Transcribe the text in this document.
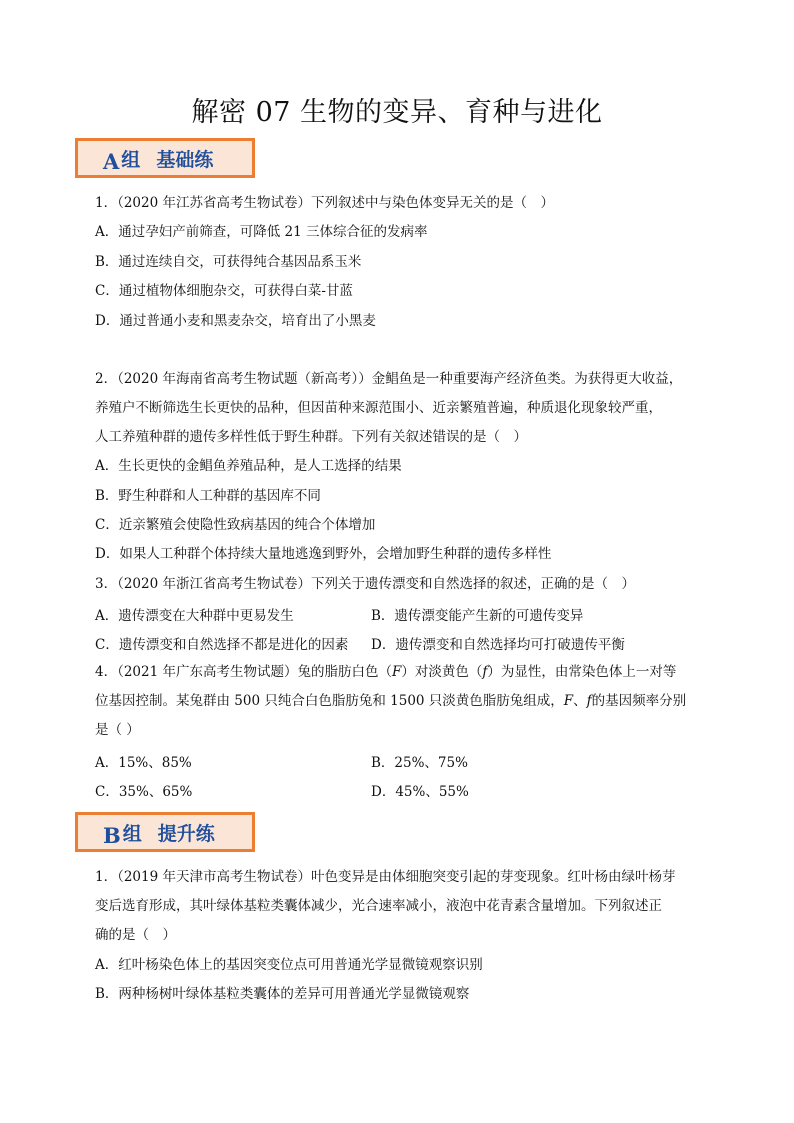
解密 07 生物的变异、育种与进化
A 组 基础练
1．（2020 年江苏省高考生物试卷）下列叙述中与染色体变异无关的是（　）
A．通过孕妇产前筛查，可降低 21 三体综合征的发病率
B．通过连续自交，可获得纯合基因品系玉米
C．通过植物体细胞杂交，可获得白菜-甘蓝
D．通过普通小麦和黑麦杂交，培育出了小黑麦
2．（2020 年海南省高考生物试题（新高考））金鲳鱼是一种重要海产经济鱼类。为获得更大收益，
养殖户不断筛选生长更快的品种，但因苗种来源范围小、近亲繁殖普遍，种质退化现象较严重，
人工养殖种群的遗传多样性低于野生种群。下列有关叙述错误的是（　）
A．生长更快的金鲳鱼养殖品种，是人工选择的结果
B．野生种群和人工种群的基因库不同
C．近亲繁殖会使隐性致病基因的纯合个体增加
D．如果人工种群个体持续大量地逃逸到野外，会增加野生种群的遗传多样性
3．（2020 年浙江省高考生物试卷）下列关于遗传漂变和自然选择的叙述，正确的是（　）
A．遗传漂变在大种群中更易发生	B．遗传漂变能产生新的可遗传变异
C．遗传漂变和自然选择不都是进化的因素 D．遗传漂变和自然选择均可打破遗传平衡
4．（2021 年广东高考生物试题）兔的脂肪白色（F）对淡黄色（f）为显性，由常染色体上一对等
位基因控制。某兔群由 500 只纯合白色脂肪兔和 1500 只淡黄色脂肪兔组成，F、f的基因频率分别
是（ ）
A．15%、85%	B．25%、75%
C．35%、65%	D．45%、55%
B 组 提升练
1．（2019 年天津市高考生物试卷）叶色变异是由体细胞突变引起的芽变现象。红叶杨由绿叶杨芽
变后选育形成，其叶绿体基粒类囊体减少，光合速率减小，液泡中花青素含量增加。下列叙述正
确的是（　）
A．红叶杨染色体上的基因突变位点可用普通光学显微镜观察识别
B．两种杨树叶绿体基粒类囊体的差异可用普通光学显微镜观察
